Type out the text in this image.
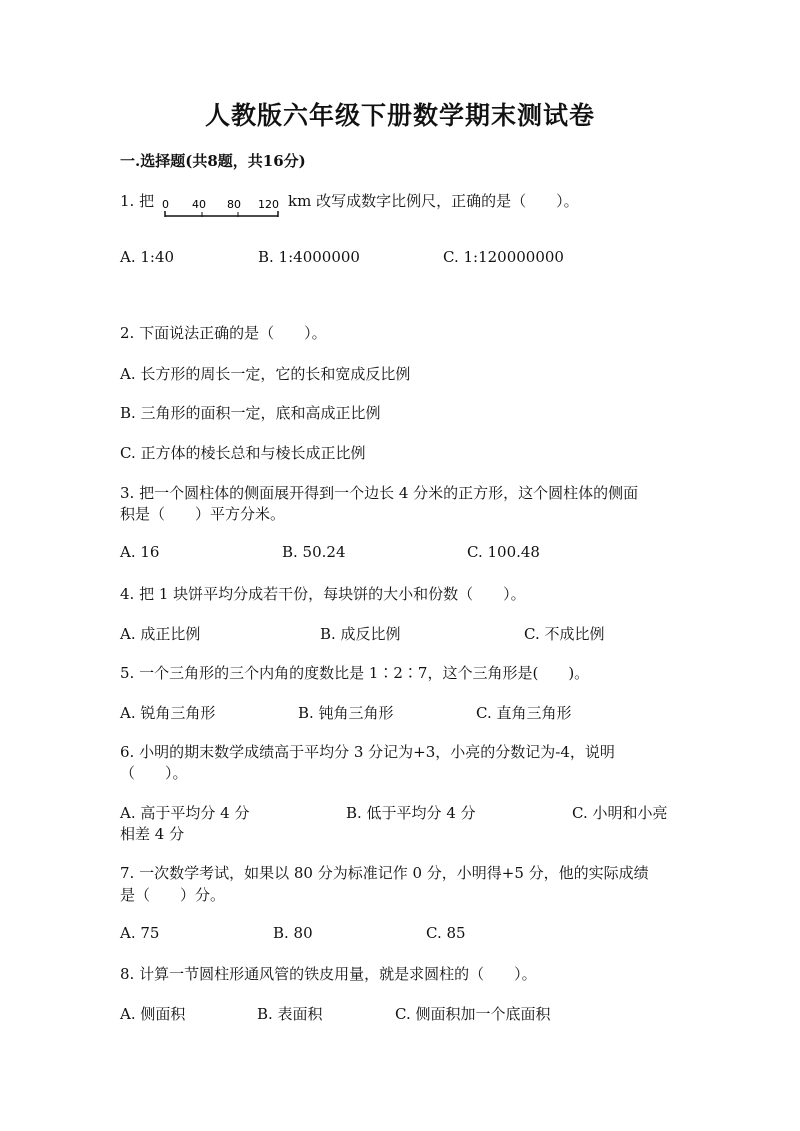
人教版六年级下册数学期末测试卷
一.选择题(共8题，共16分)
1. 把 0 40 80 120 km 改写成数字比例尺，正确的是（　　）。
A. 1:40	B. 1:4000000	C. 1:120000000
2. 下面说法正确的是（　　）。
A. 长方形的周长一定，它的长和宽成反比例
B. 三角形的面积一定，底和高成正比例
C. 正方体的棱长总和与棱长成正比例
3. 把一个圆柱体的侧面展开得到一个边长 4 分米的正方形，这个圆柱体的侧面
积是（　　）平方分米。
A. 16	B. 50.24	C. 100.48
4. 把 1 块饼平均分成若干份，每块饼的大小和份数（　　）。
A. 成正比例	B. 成反比例	C. 不成比例
5. 一个三角形的三个内角的度数比是 1∶2∶7，这个三角形是(　　)。
A. 锐角三角形	B. 钝角三角形	C. 直角三角形
6. 小明的期末数学成绩高于平均分 3 分记为+3，小亮的分数记为-4，说明
（　　）。
A. 高于平均分 4 分	B. 低于平均分 4 分	C. 小明和小亮
相差 4 分
7. 一次数学考试，如果以 80 分为标准记作 0 分，小明得+5 分，他的实际成绩
是（　　）分。
A. 75	B. 80	C. 85
8. 计算一节圆柱形通风管的铁皮用量，就是求圆柱的（　　）。
A. 侧面积	B. 表面积	C. 侧面积加一个底面积
